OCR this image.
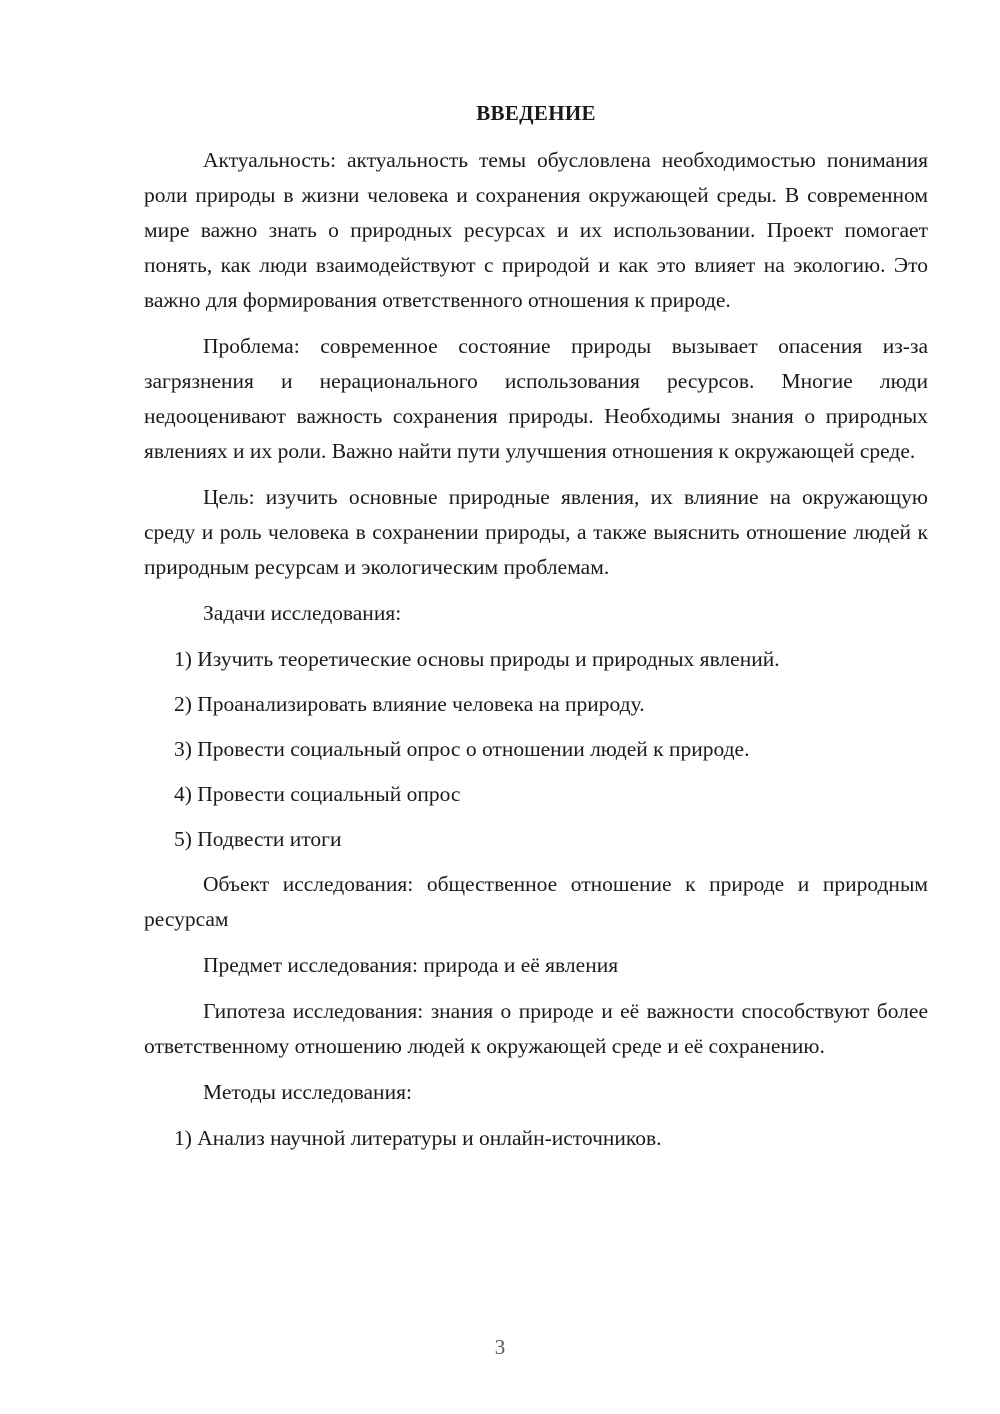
ВВЕДЕНИЕ

Актуальность: актуальность темы обусловлена необходимостью понимания роли природы в жизни человека и сохранения окружающей среды. В современном мире важно знать о природных ресурсах и их использовании. Проект помогает понять, как люди взаимодействуют с природой и как это влияет на экологию. Это важно для формирования ответственного отношения к природе.

Проблема: современное состояние природы вызывает опасения из-за загрязнения и нерационального использования ресурсов. Многие люди недооценивают важность сохранения природы. Необходимы знания о природных явлениях и их роли. Важно найти пути улучшения отношения к окружающей среде.

Цель: изучить основные природные явления, их влияние на окружающую среду и роль человека в сохранении природы, а также выяснить отношение людей к природным ресурсам и экологическим проблемам.

Задачи исследования:

1) Изучить теоретические основы природы и природных явлений.
2) Проанализировать влияние человека на природу.
3) Провести социальный опрос о отношении людей к природе.
4) Провести социальный опрос
5) Подвести итоги

Объект исследования: общественное отношение к природе и природным ресурсам

Предмет исследования: природа и её явления

Гипотеза исследования: знания о природе и её важности способствуют более ответственному отношению людей к окружающей среде и её сохранению.

Методы исследования:

1) Анализ научной литературы и онлайн-источников.
3
